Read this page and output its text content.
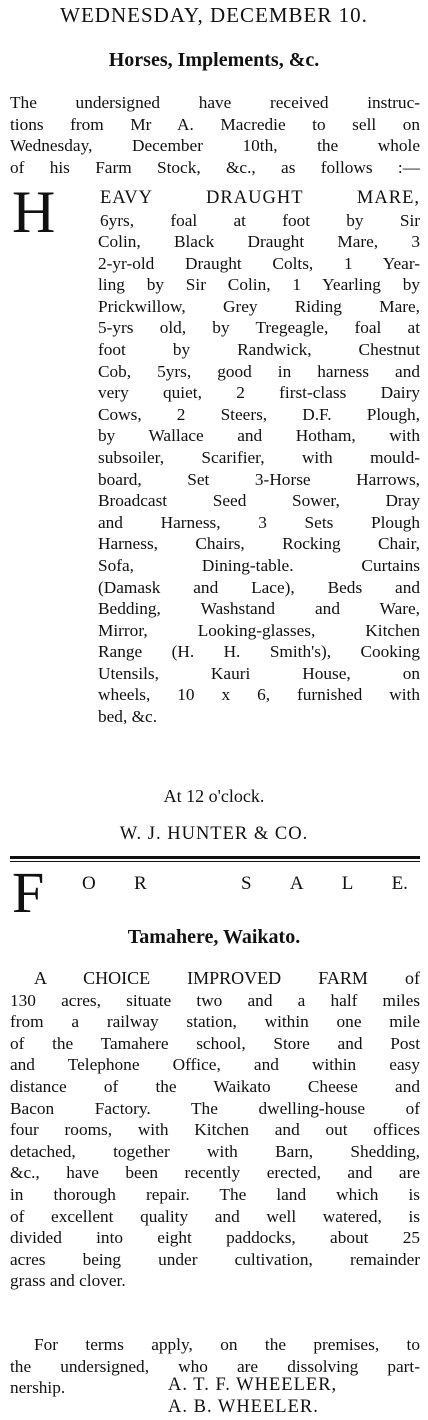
WEDNESDAY, DECEMBER 10.
Horses, Implements, &c.
The undersigned have received instruc-
tions from Mr A. Macredie to sell on
Wednesday, December 10th, the whole
of his Farm Stock, &c., as follows :—
H EAVY DRAUGHT MARE,
6yrs, foal at foot by Sir
Colin, Black Draught Mare, 3
2-yr-old Draught Colts, 1 Year-
ling by Sir Colin, 1 Yearling by
Prickwillow, Grey Riding Mare,
5-yrs old, by Tregeagle, foal at
foot by Randwick, Chestnut
Cob, 5yrs, good in harness and
very quiet, 2 first-class Dairy
Cows, 2 Steers, D.F. Plough,
by Wallace and Hotham, with
subsoiler, Scarifier, with mould-
board, Set 3-Horse Harrows,
Broadcast Seed Sower, Dray
and Harness, 3 Sets Plough
Harness, Chairs, Rocking Chair,
Sofa, Dining-table. Curtains
(Damask and Lace), Beds and
Bedding, Washstand and Ware,
Mirror, Looking-glasses, Kitchen
Range (H. H. Smith's), Cooking
Utensils, Kauri House, on
wheels, 10 x 6, furnished with
bed, &c.
At 12 o'clock.
W. J. HUNTER & CO.
F O R	S A L E.
Tamahere, Waikato.
A CHOICE IMPROVED FARM of
130 acres, situate two and a half miles
from a railway station, within one mile
of the Tamahere school, Store and Post
and Telephone Office, and within easy
distance of the Waikato Cheese and
Bacon Factory. The dwelling-house of
four rooms, with Kitchen and out offices
detached, together with Barn, Shedding,
&c., have been recently erected, and are
in thorough repair. The land which is
of excellent quality and well watered, is
divided into eight paddocks, about 25
acres being under cultivation, remainder
grass and clover.
For terms apply, on the premises, to
the undersigned, who are dissolving part-
nership.	A. T. F. WHEELER,
A. B. WHEELER.
